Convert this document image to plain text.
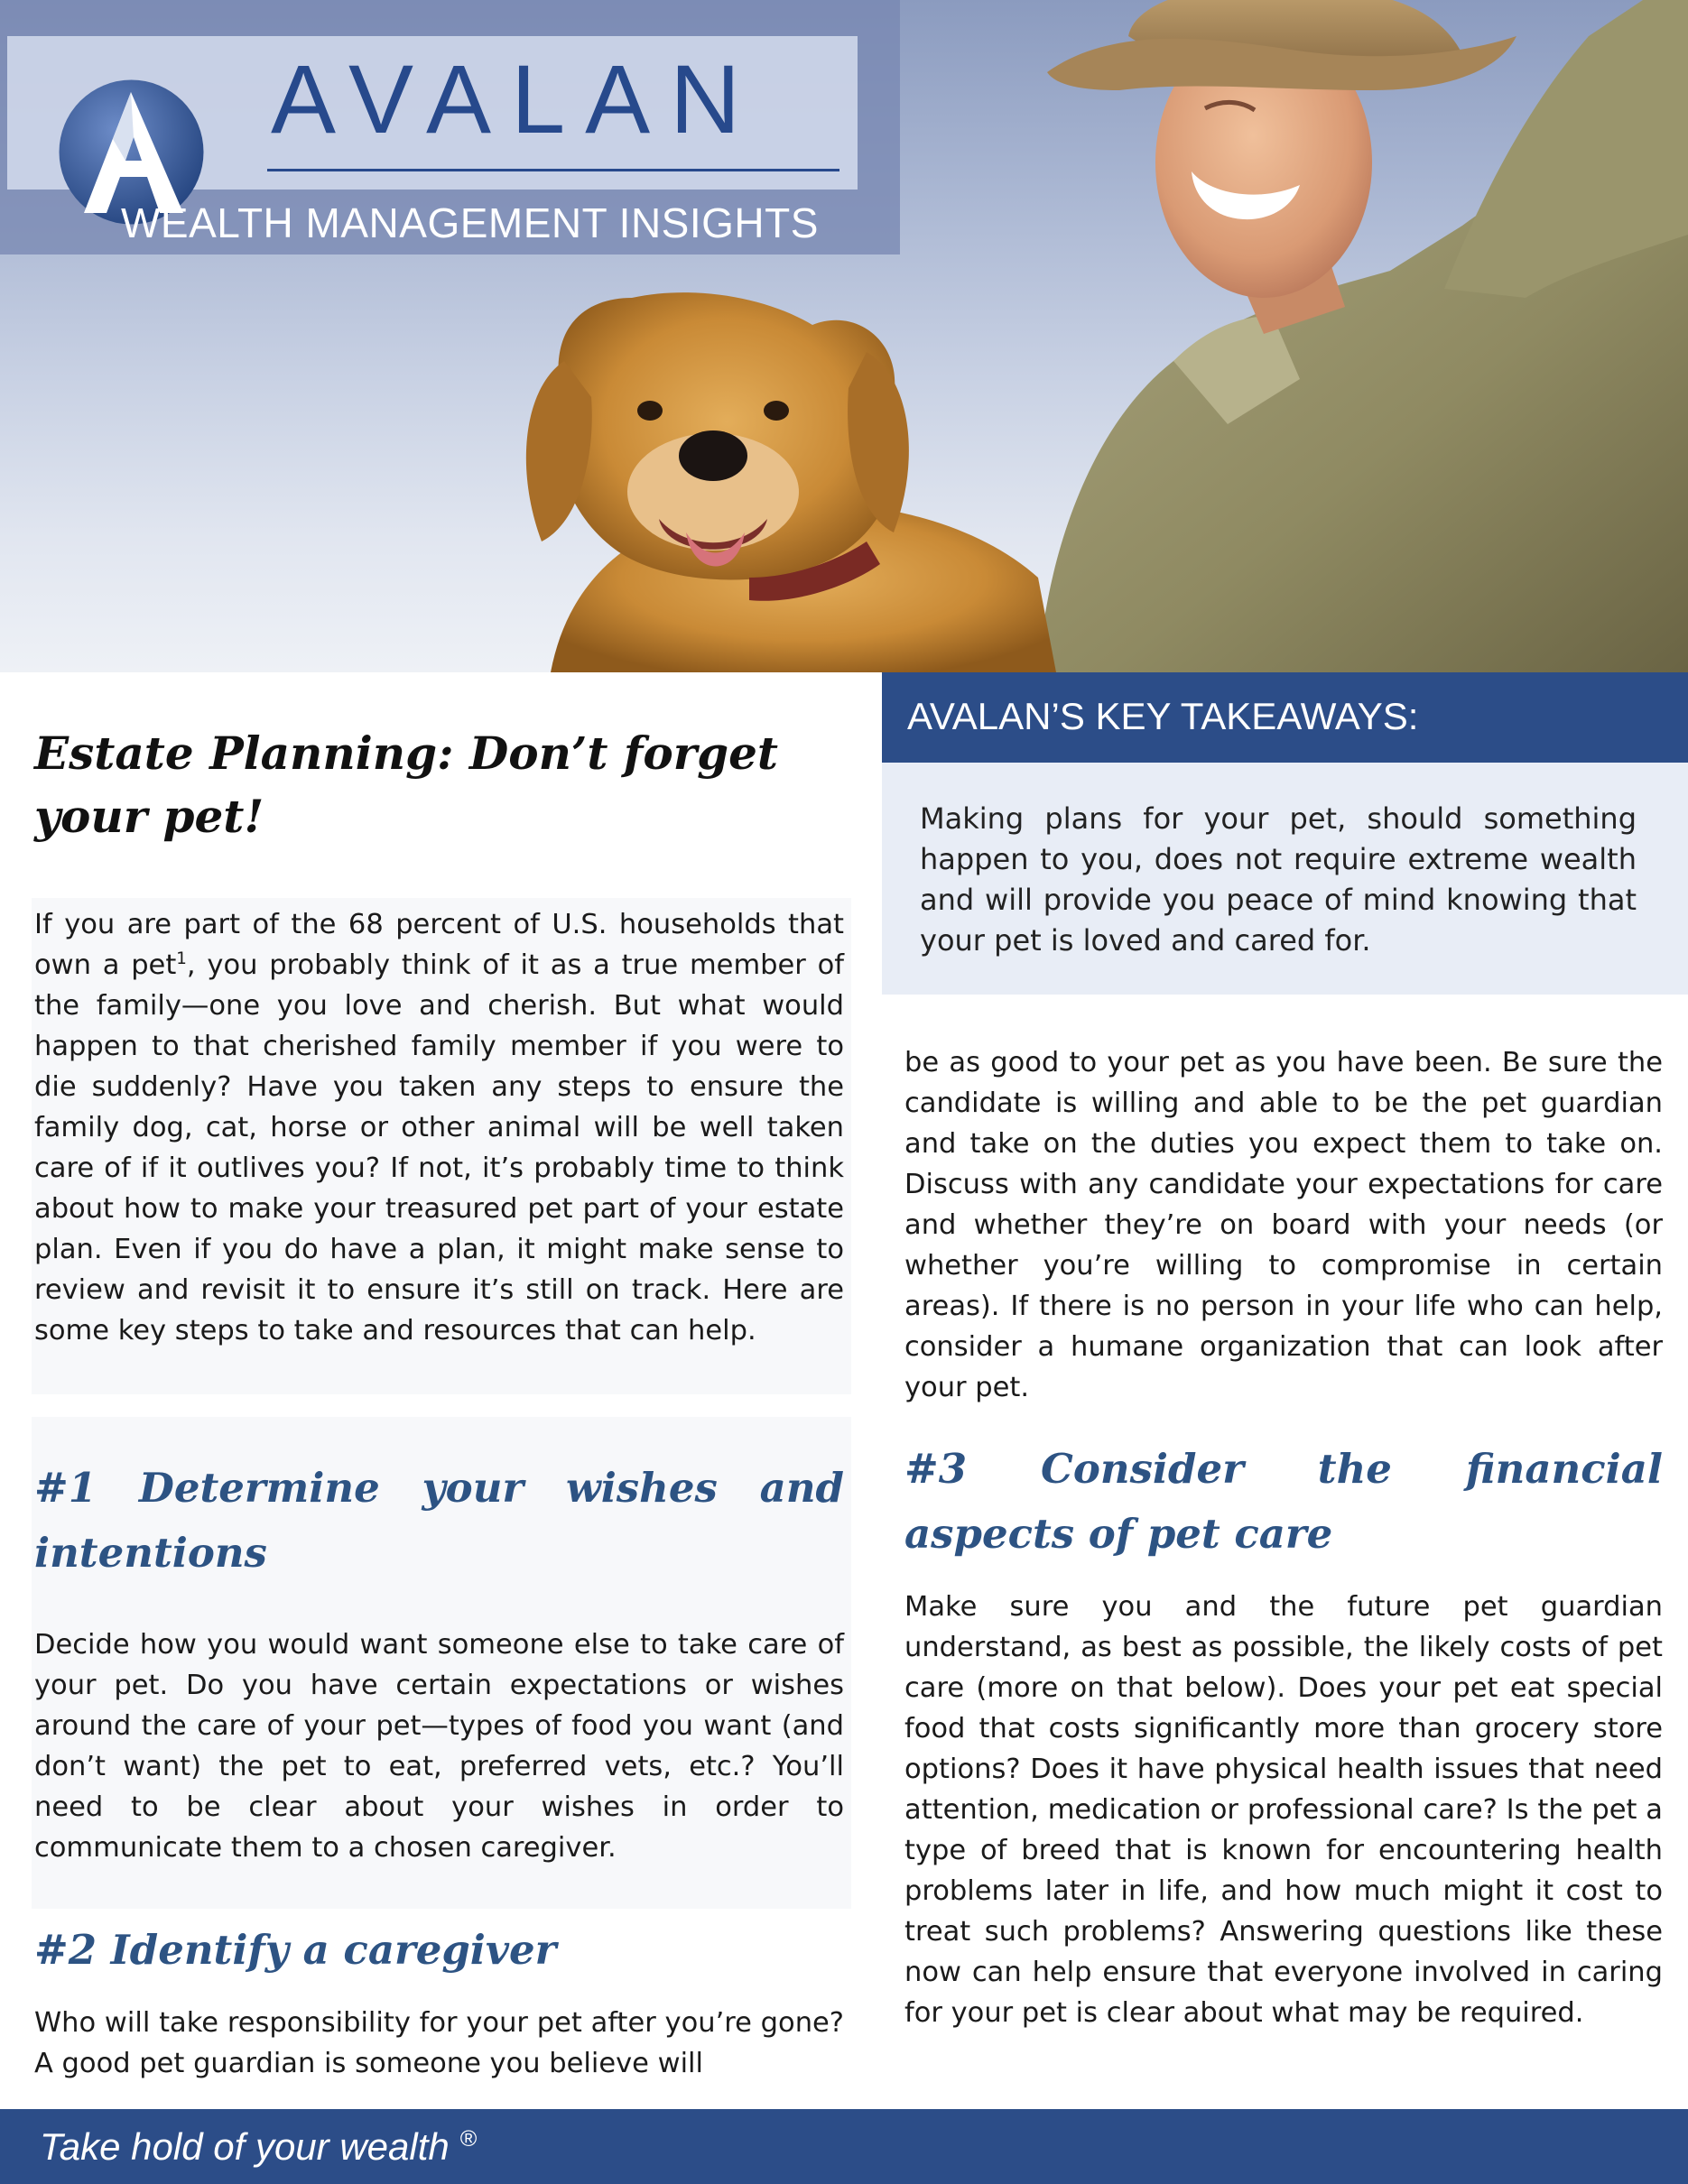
AVALAN

WEALTH MANAGEMENT INSIGHTS

Estate Planning: Don’t forget your pet!

If you are part of the 68 percent of U.S. households that own a pet$^1$, you probably think of it as a true member of the family—one you love and cherish. But what would happen to that cherished family member if you were to die suddenly? Have you taken any steps to ensure the family dog, cat, horse or other animal will be well taken care of if it outlives you? If not, it’s probably time to think about how to make your treasured pet part of your estate plan. Even if you do have a plan, it might make sense to review and revisit it to ensure it’s still on track. Here are some key steps to take and resources that can help.

#1 Determine your wishes and intentions

Decide how you would want someone else to take care of your pet. Do you have certain expectations or wishes around the care of your pet—types of food you want (and don’t want) the pet to eat, preferred vets, etc.? You’ll need to be clear about your wishes in order to communicate them to a chosen caregiver.

#2 Identify a caregiver

Who will take responsibility for your pet after you’re gone? A good pet guardian is someone you believe will

AVALAN’S KEY TAKEAWAYS:

Making plans for your pet, should something happen to you, does not require extreme wealth and will provide you peace of mind knowing that your pet is loved and cared for.

be as good to your pet as you have been. Be sure the candidate is willing and able to be the pet guardian and take on the duties you expect them to take on. Discuss with any candidate your expectations for care and whether they’re on board with your needs (or whether you’re willing to compromise in certain areas). If there is no person in your life who can help, consider a humane organization that can look after your pet.

#3 Consider the financial aspects of pet care

Make sure you and the future pet guardian understand, as best as possible, the likely costs of pet care (more on that below). Does your pet eat special food that costs significantly more than grocery store options? Does it have physical health issues that need attention, medication or professional care? Is the pet a type of breed that is known for encountering health problems later in life, and how much might it cost to treat such problems? Answering questions like these now can help ensure that everyone involved in caring for your pet is clear about what may be required.

Take hold of your wealth ®
